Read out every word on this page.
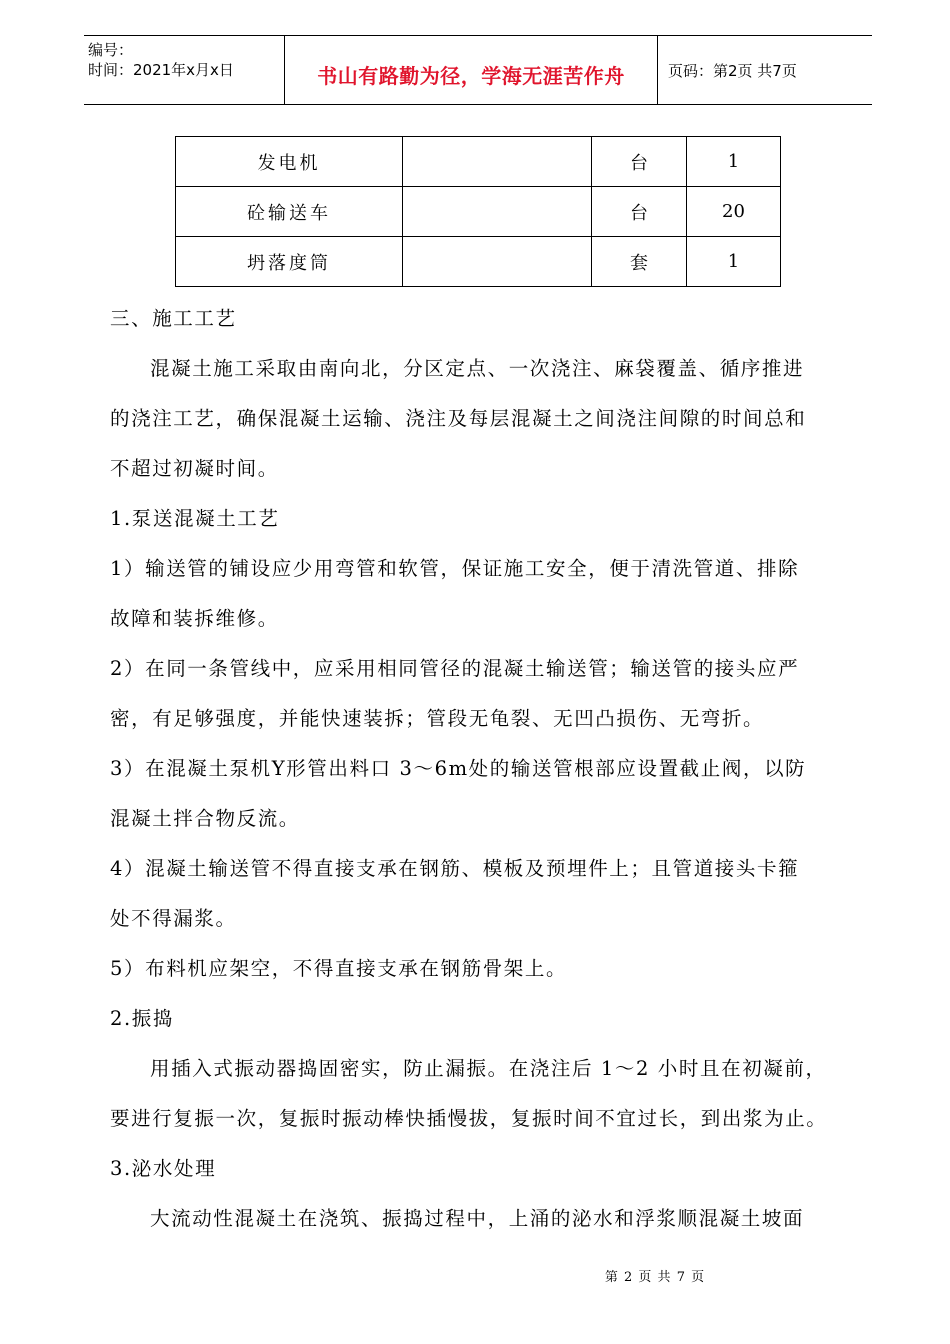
编号：
时间：2021年x月x日	书山有路勤为径，学海无涯苦作舟	页码：第2页 共7页
发电机		台	1
砼输送车		台	20
坍落度筒		套	1
三、施工工艺
混凝土施工采取由南向北，分区定点、一次浇注、麻袋覆盖、循序推进
的浇注工艺，确保混凝土运输、浇注及每层混凝土之间浇注间隙的时间总和
不超过初凝时间。
1.泵送混凝土工艺
1）输送管的铺设应少用弯管和软管，保证施工安全，便于清洗管道、排除
故障和装拆维修。
2）在同一条管线中，应采用相同管径的混凝土输送管；输送管的接头应严
密，有足够强度，并能快速装拆；管段无龟裂、无凹凸损伤、无弯折。
3）在混凝土泵机Y形管出料口 3～6m处的输送管根部应设置截止阀，以防
混凝土拌合物反流。
4）混凝土输送管不得直接支承在钢筋、模板及预埋件上；且管道接头卡箍
处不得漏浆。
5）布料机应架空，不得直接支承在钢筋骨架上。
2.振捣
用插入式振动器捣固密实，防止漏振。在浇注后 1～2 小时且在初凝前，
要进行复振一次，复振时振动棒快插慢拔，复振时间不宜过长，到出浆为止。
3.泌水处理
大流动性混凝土在浇筑、振捣过程中，上涌的泌水和浮浆顺混凝土坡面
第 2 页 共 7 页
